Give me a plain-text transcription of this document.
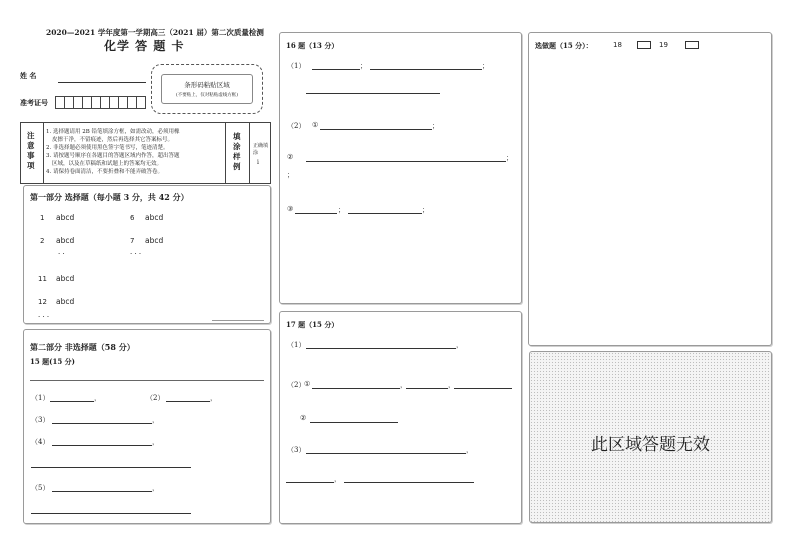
2020—2021 学年度第一学期高三（2021 届）第二次质量检测
化学 答 题 卡
姓 名
准考证号
条形码粘贴区域
(不要贴上，仅对粘贴虚线方框)
注意事项
1. 选择题请用 2B 铅笔填涂方框，如需改动，必须用橡
皮擦干净，不留痕迹，然后再选择其它答案标号。
2. 非选择题必须使用黑色签字笔书写，笔迹清楚。
3. 请按题号顺序在各题目的答题区域内作答，超出答题
区域，以及在草稿纸和试题上的答案均无效。
4. 请保持卷面清洁，不要折叠和不能弄破答卷。
填涂样例
正确填涂
i
第一部分 选择题（每小题 3 分，共 42 分）
1 abcd	6 abcd
2 abcd	7 abcd
· ·	· · ·
11 abcd
12 abcd
· · ·
第二部分 非选择题（58 分）
15 题(15 分)
（1）	，	（2）	，
（3）	，
（4）	，
（5）	，
16 题（13 分）
（1）	；	；
（2） ①	；
②	；
；
③	；	；
17 题（15 分）
（1）	，
（2）
①	，	，
②
（3）	，
，
选做题（15 分）：	18	19
此区域答题无效
